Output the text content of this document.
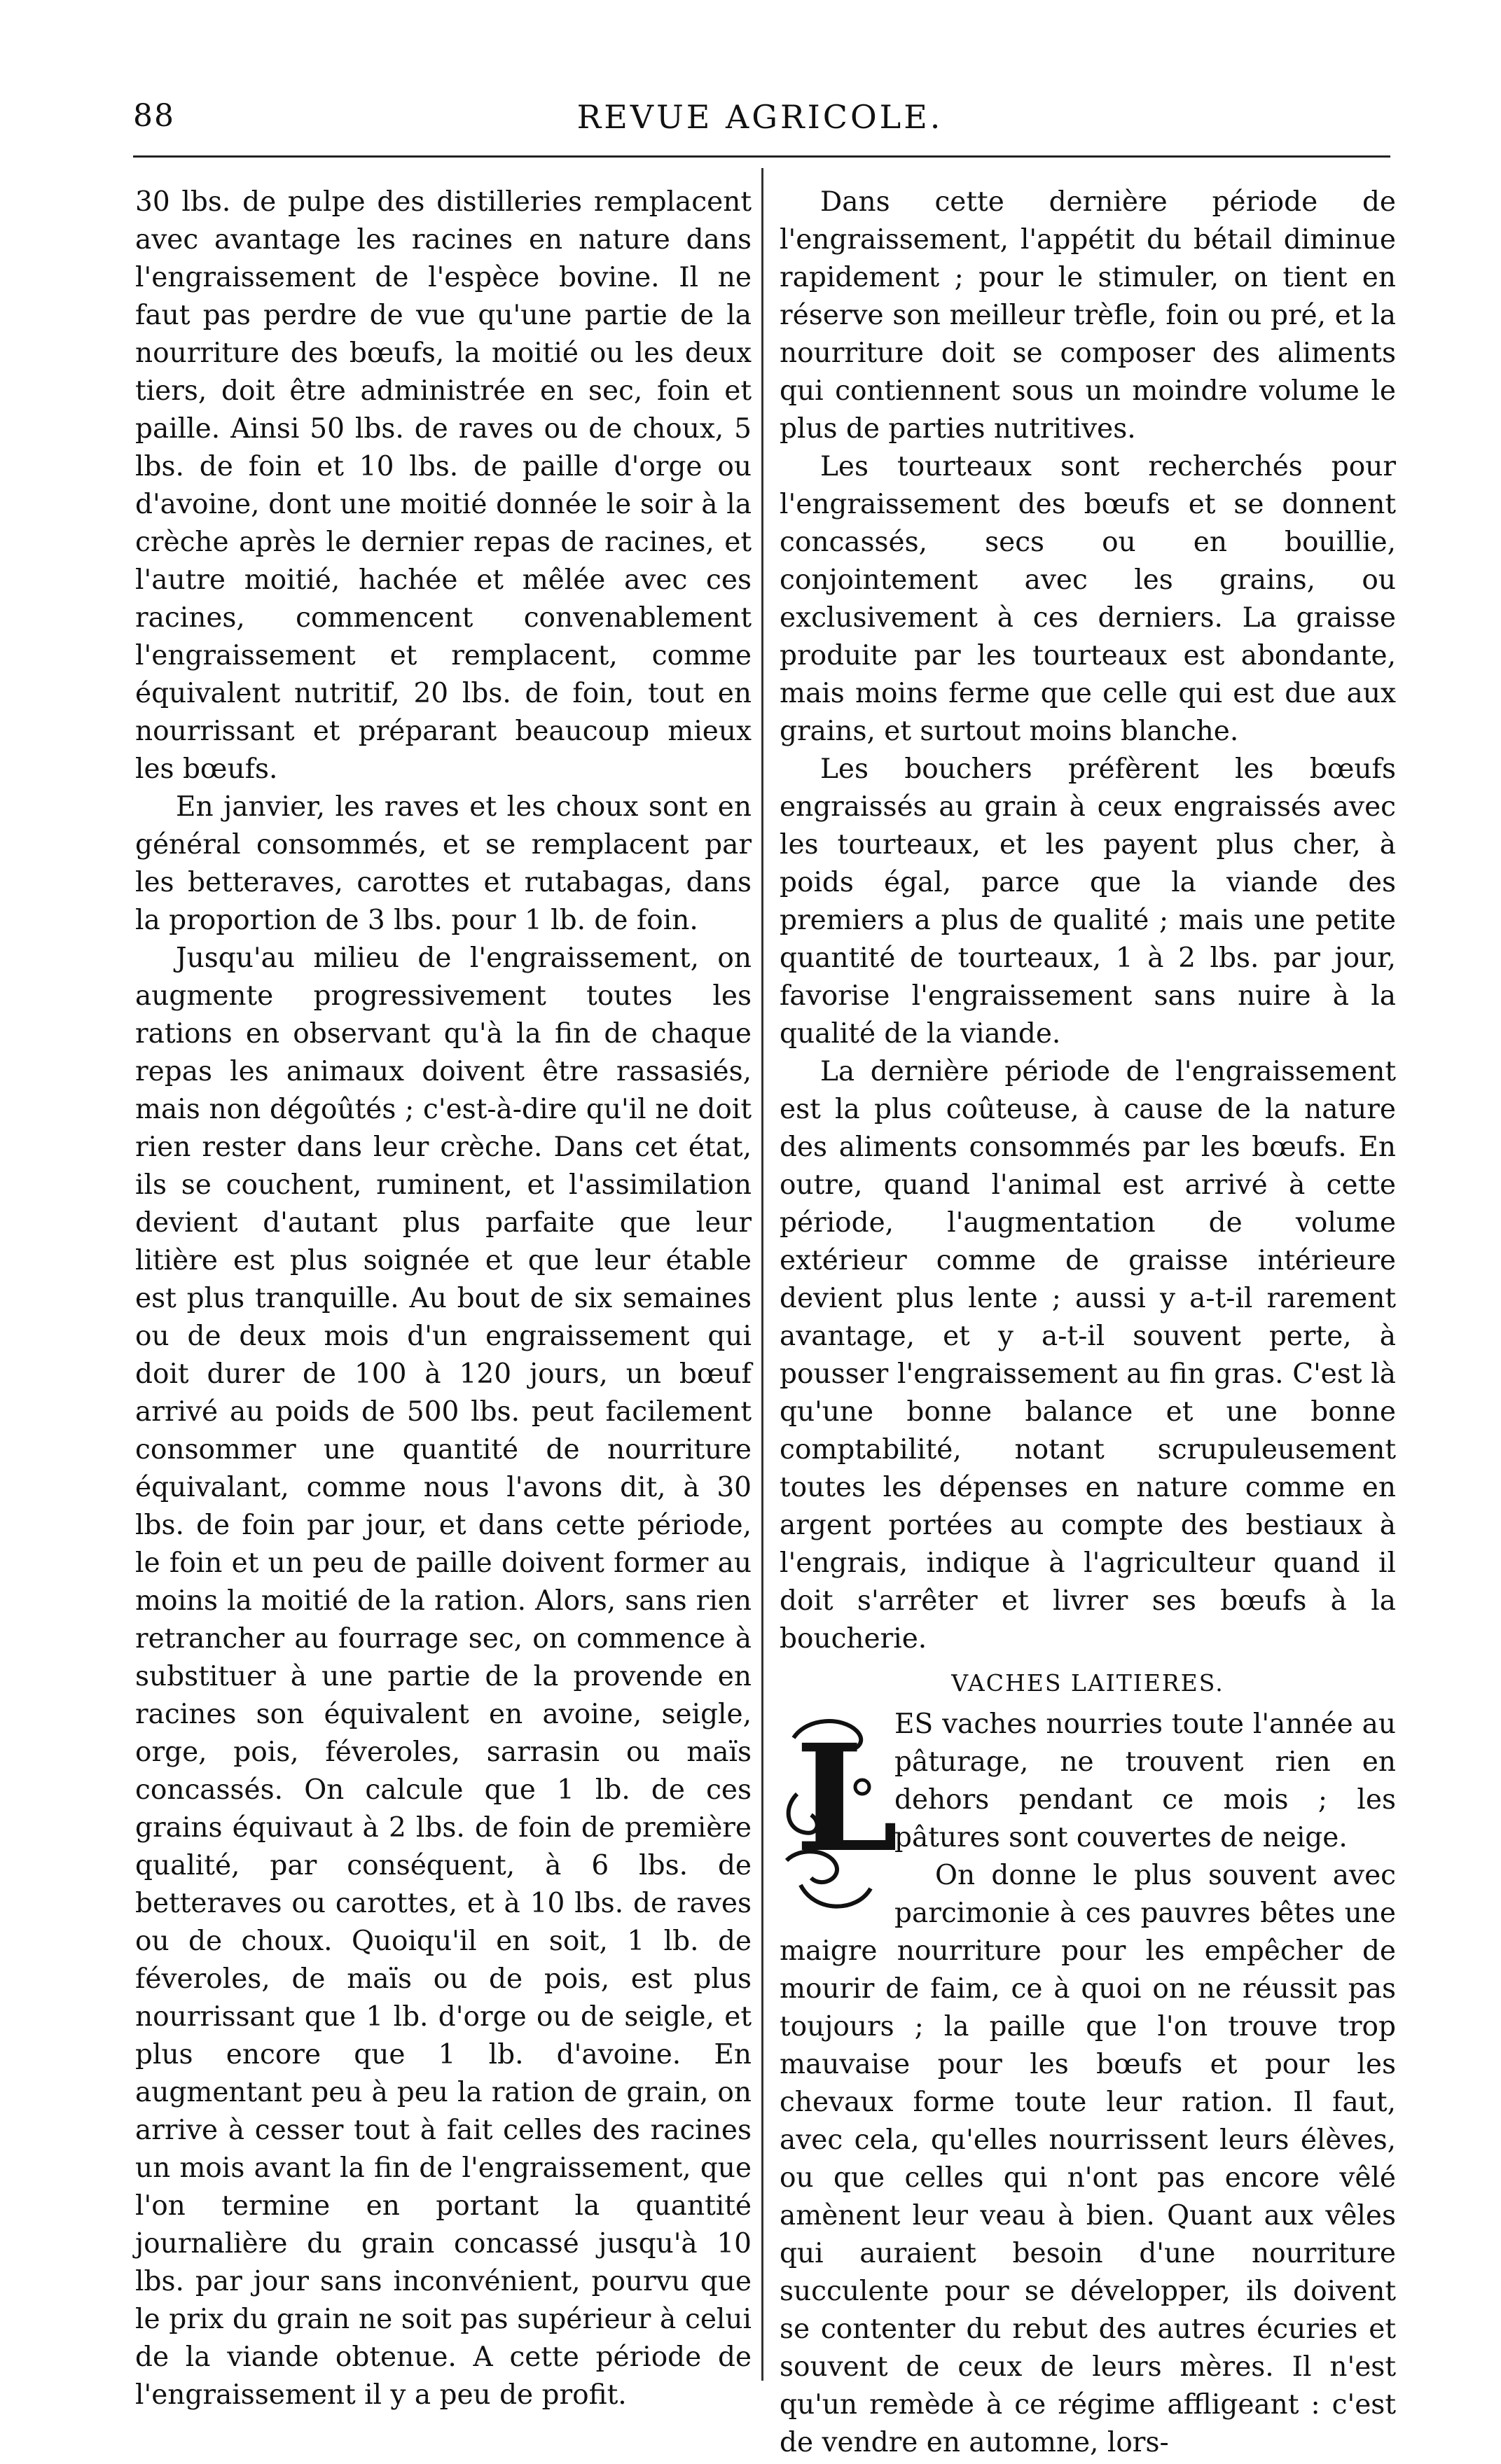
88	REVUE AGRICOLE.

30 lbs. de pulpe des distilleries remplacent avec avantage les racines en nature dans l'engraissement de l'espèce bovine. Il ne faut pas perdre de vue qu'une partie de la nourriture des bœufs, la moitié ou les deux tiers, doit être administrée en sec, foin et paille. Ainsi 50 lbs. de raves ou de choux, 5 lbs. de foin et 10 lbs. de paille d'orge ou d'avoine, dont une moitié donnée le soir à la crèche après le dernier repas de racines, et l'autre moitié, hachée et mêlée avec ces racines, commencent convenablement l'engraissement et remplacent, comme équivalent nutritif, 20 lbs. de foin, tout en nourrissant et préparant beaucoup mieux les bœufs.

En janvier, les raves et les choux sont en général consommés, et se remplacent par les betteraves, carottes et rutabagas, dans la proportion de 3 lbs. pour 1 lb. de foin.

Jusqu'au milieu de l'engraissement, on augmente progressivement toutes les rations en observant qu'à la fin de chaque repas les animaux doivent être rassasiés, mais non dégoûtés ; c'est-à-dire qu'il ne doit rien rester dans leur crèche. Dans cet état, ils se couchent, ruminent, et l'assimilation devient d'autant plus parfaite que leur litière est plus soignée et que leur étable est plus tranquille. Au bout de six semaines ou de deux mois d'un engraissement qui doit durer de 100 à 120 jours, un bœuf arrivé au poids de 500 lbs. peut facilement consommer une quantité de nourriture équivalant, comme nous l'avons dit, à 30 lbs. de foin par jour, et dans cette période, le foin et un peu de paille doivent former au moins la moitié de la ration. Alors, sans rien retrancher au fourrage sec, on commence à substituer à une partie de la provende en racines son équivalent en avoine, seigle, orge, pois, féveroles, sarrasin ou maïs concassés. On calcule que 1 lb. de ces grains équivaut à 2 lbs. de foin de première qualité, par conséquent, à 6 lbs. de betteraves ou carottes, et à 10 lbs. de raves ou de choux. Quoiqu'il en soit, 1 lb. de féveroles, de maïs ou de pois, est plus nourrissant que 1 lb. d'orge ou de seigle, et plus encore que 1 lb. d'avoine. En augmentant peu à peu la ration de grain, on arrive à cesser tout à fait celles des racines un mois avant la fin de l'engraissement, que l'on termine en portant la quantité journalière du grain concassé jusqu'à 10 lbs. par jour sans inconvénient, pourvu que le prix du grain ne soit pas supérieur à celui de la viande obtenue. A cette période de l'engraissement il y a peu de profit.

Dans cette dernière période de l'engraissement, l'appétit du bétail diminue rapidement ; pour le stimuler, on tient en réserve son meilleur trèfle, foin ou pré, et la nourriture doit se composer des aliments qui contiennent sous un moindre volume le plus de parties nutritives.

Les tourteaux sont recherchés pour l'engraissement des bœufs et se donnent concassés, secs ou en bouillie, conjointement avec les grains, ou exclusivement à ces derniers. La graisse produite par les tourteaux est abondante, mais moins ferme que celle qui est due aux grains, et surtout moins blanche.

Les bouchers préfèrent les bœufs engraissés au grain à ceux engraissés avec les tourteaux, et les payent plus cher, à poids égal, parce que la viande des premiers a plus de qualité ; mais une petite quantité de tourteaux, 1 à 2 lbs. par jour, favorise l'engraissement sans nuire à la qualité de la viande.

La dernière période de l'engraissement est la plus coûteuse, à cause de la nature des aliments consommés par les bœufs. En outre, quand l'animal est arrivé à cette période, l'augmentation de volume extérieur comme de graisse intérieure devient plus lente ; aussi y a-t-il rarement avantage, et y a-t-il souvent perte, à pousser l'engraissement au fin gras. C'est là qu'une bonne balance et une bonne comptabilité, notant scrupuleusement toutes les dépenses en nature comme en argent portées au compte des bestiaux à l'engrais, indique à l'agriculteur quand il doit s'arrêter et livrer ses bœufs à la boucherie.

VACHES LAITIERES.
L

ES vaches nourries toute l'année au pâturage, ne trouvent rien en dehors pendant ce mois ; les pâtures sont couvertes de neige.

On donne le plus souvent avec parcimonie à ces pauvres bêtes une maigre nourriture pour les empêcher de mourir de faim, ce à quoi on ne réussit pas toujours ; la paille que l'on trouve trop mauvaise pour les bœufs et pour les chevaux forme toute leur ration. Il faut, avec cela, qu'elles nourrissent leurs élèves, ou que celles qui n'ont pas encore vêlé amènent leur veau à bien. Quant aux vêles qui auraient besoin d'une nourriture succulente pour se développer, ils doivent se contenter du rebut des autres écuries et souvent de ceux de leurs mères. Il n'est qu'un remède à ce régime affligeant : c'est de vendre en automne, lors-
